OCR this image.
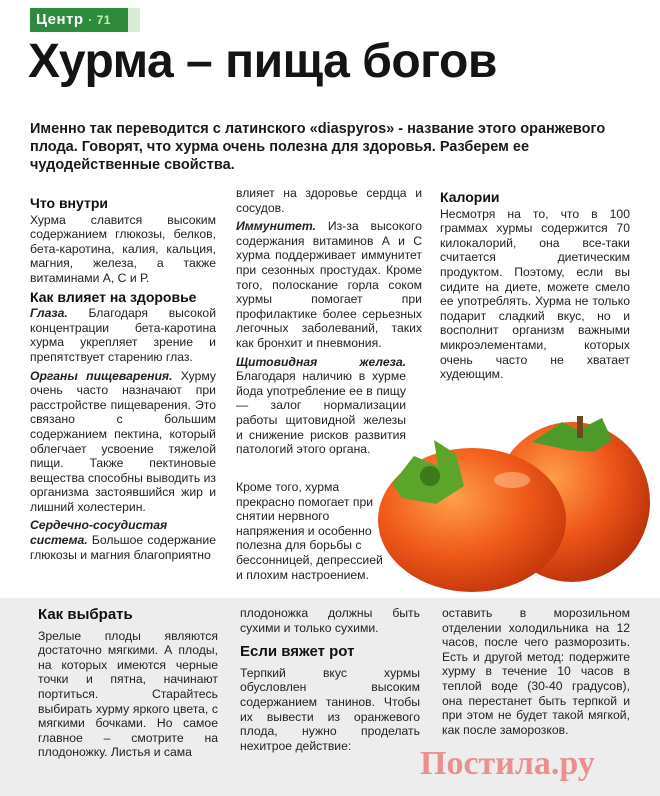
Центр · 71
Хурма – пища богов
Именно так переводится с латинского «diaspyros» - название этого оранжевого плода. Говорят, что хурма очень полезна для здоровья. Разберем ее чудодейственные свойства.
Что внутри

Хурма славится высоким содержанием глюкозы, белков, бета-каротина, калия, кальция, магния, железа, а также витаминами А, С и Р.

Как влияет на здоровье

Глаза. Благодаря высокой концентрации бета-каротина хурма укрепляет зрение и препятствует старению глаз.

Органы пищеварения. Хурму очень часто назначают при расстройстве пищеварения. Это связано с большим содержанием пектина, который облегчает усвоение тяжелой пищи. Также пектиновые вещества способны выводить из организма застоявшийся жир и лишний холестерин.

Сердечно-сосудистая система. Большое содержание глюкозы и магния благоприятно

влияет на здоровье сердца и сосудов.

Иммунитет. Из-за высокого содержания витаминов А и С хурма поддерживает иммунитет при сезонных простудах. Кроме того, полоскание горла соком хурмы помогает при профилактике более серьезных легочных заболеваний, таких как бронхит и пневмония.

Щитовидная железа. Благодаря наличию в хурме йода употребление ее в пищу — залог нормализации работы щитовидной железы и снижение рисков развития патологий этого органа.

Кроме того, хурма прекрасно помогает при снятии нервного напряжения и особенно полезна для борьбы с бессонницей, депрессией и плохим настроением.

Калории

Несмотря на то, что в 100 граммах хурмы содержится 70 килокалорий, она все-таки считается диетическим продуктом. Поэтому, если вы сидите на диете, можете смело ее употреблять. Хурма не только подарит сладкий вкус, но и восполнит организм важными микроэлементами, которых очень часто не хватает худеющим.

Как выбрать

Зрелые плоды являются достаточно мягкими. А плоды, на которых имеются черные точки и пятна, начинают портиться. Старайтесь выбирать хурму яркого цвета, с мягкими бочками. Но самое главное – смотрите на плодоножку. Листья и сама

плодоножка должны быть сухими и только сухими.

Если вяжет рот

Терпкий вкус хурмы обусловлен высоким содержанием танинов. Чтобы их вывести из оранжевого плода, нужно проделать нехитрое действие:

оставить в морозильном отделении холодильника на 12 часов, после чего разморозить. Есть и другой метод: подержите хурму в течение 10 часов в теплой воде (30-40 градусов), она перестанет быть терпкой и при этом не будет такой мягкой, как после заморозков.

Постила.ру
